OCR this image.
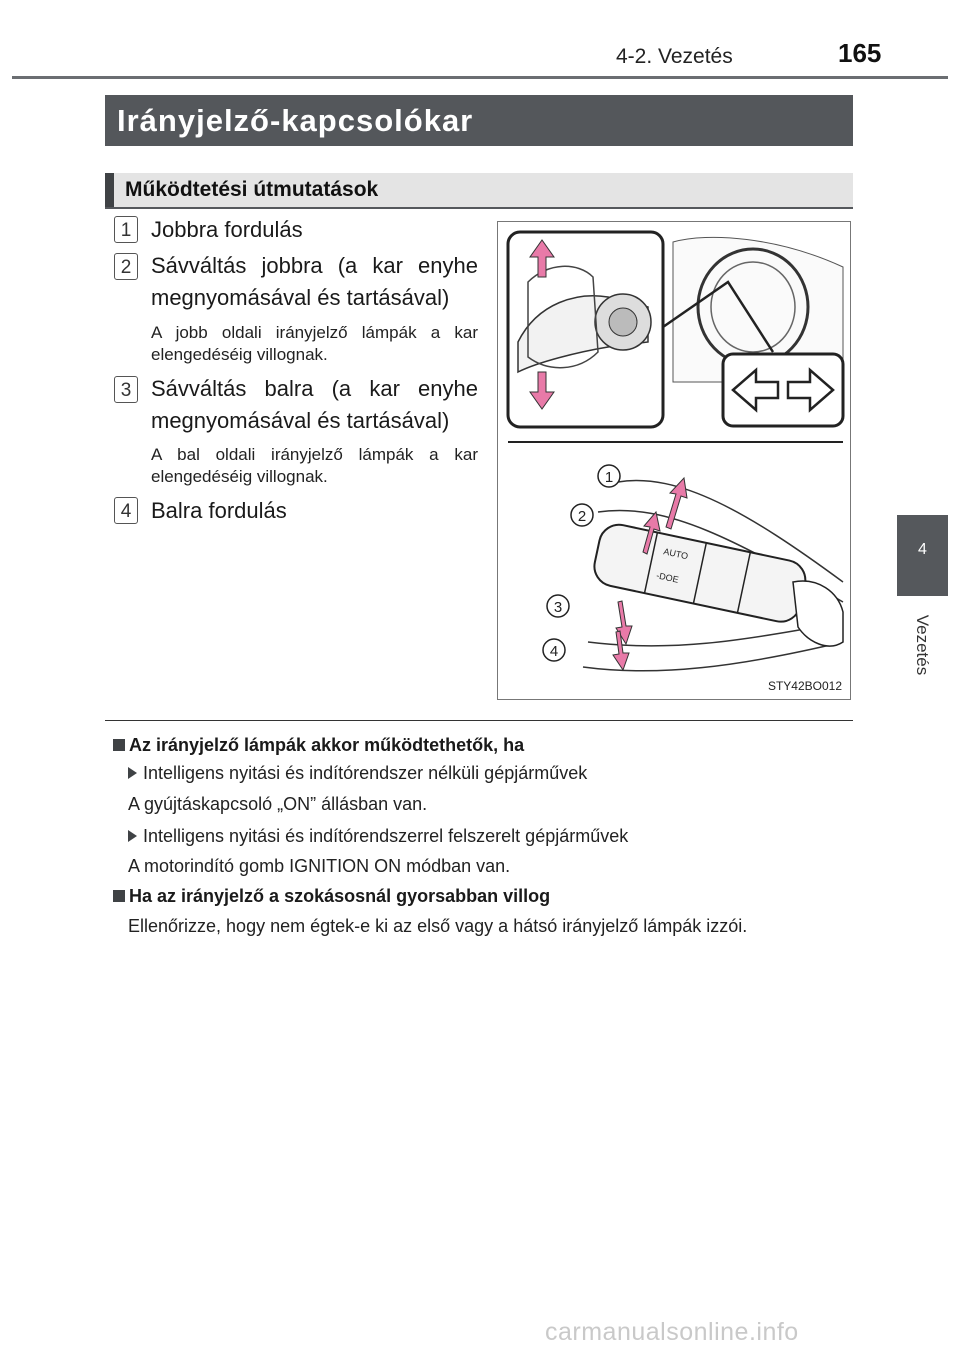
4-2. Vezetés	165
4
Vezetés
Irányjelző-kapcsolókar
Működtetési útmutatások
1 Jobbra fordulás
2 Sávváltás jobbra (a kar enyhe megnyomásával és tartásával)
A jobb oldali irányjelző lámpák a kar elengedéséig villognak.
3 Sávváltás balra (a kar enyhe megnyomásával és tartásával)
A bal oldali irányjelző lámpák a kar elengedéséig villognak.
4 Balra fordulás
AUTO
-DOE
1
2
3
4
STY42BO012
Az irányjelző lámpák akkor működtethetők, ha
Intelligens nyitási és indítórendszer nélküli gépjárművek
A gyújtáskapcsoló „ON” állásban van.
Intelligens nyitási és indítórendszerrel felszerelt gépjárművek
A motorindító gomb IGNITION ON módban van.
Ha az irányjelző a szokásosnál gyorsabban villog
Ellenőrizze, hogy nem égtek-e ki az első vagy a hátsó irányjelző lámpák izzói.
carmanualsonline.info
